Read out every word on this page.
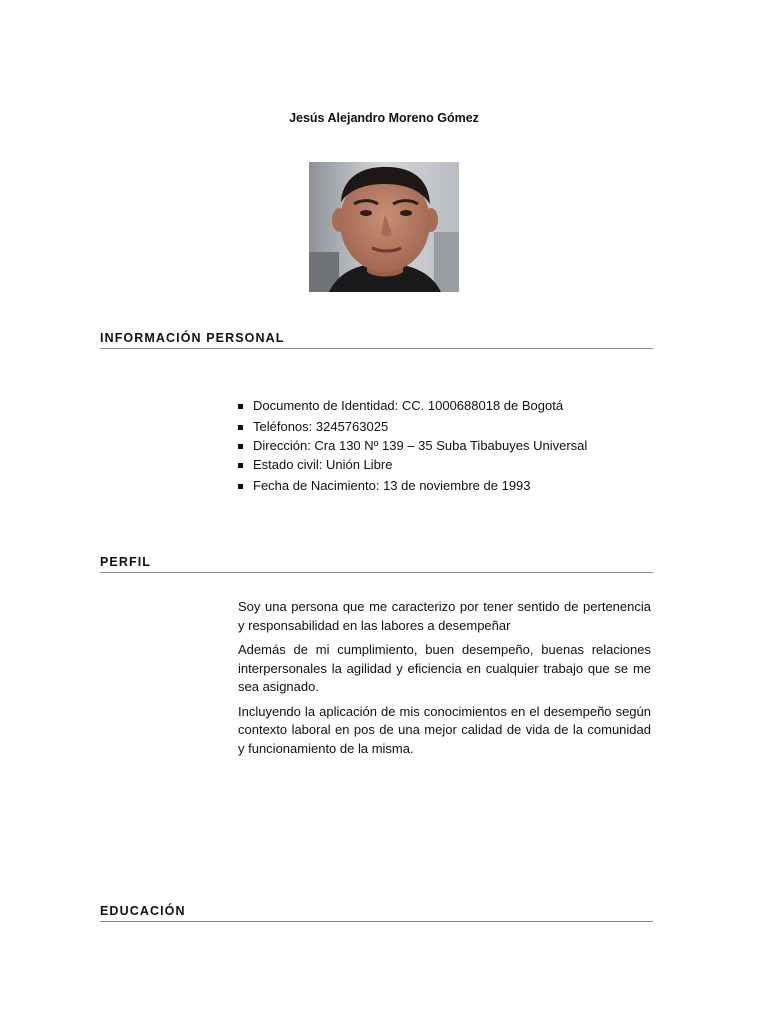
Jesús Alejandro Moreno Gómez
INFORMACIÓN PERSONAL
Documento de Identidad: CC. 1000688018 de Bogotá
Teléfonos: 3245763025
Dirección: Cra 130 Nº 139 – 35 Suba Tibabuyes Universal
Estado civil: Unión Libre
Fecha de Nacimiento: 13 de noviembre de 1993
PERFIL

Soy una persona que me caracterizo por tener sentido de pertenencia y responsabilidad en las labores a desempeñar

Además de mi cumplimiento, buen desempeño, buenas relaciones interpersonales la agilidad y eficiencia en cualquier trabajo que se me sea asignado.

Incluyendo la aplicación de mis conocimientos en el desempeño según contexto laboral en pos de una mejor calidad de vida de la comunidad y funcionamiento de la misma.

EDUCACIÓN
